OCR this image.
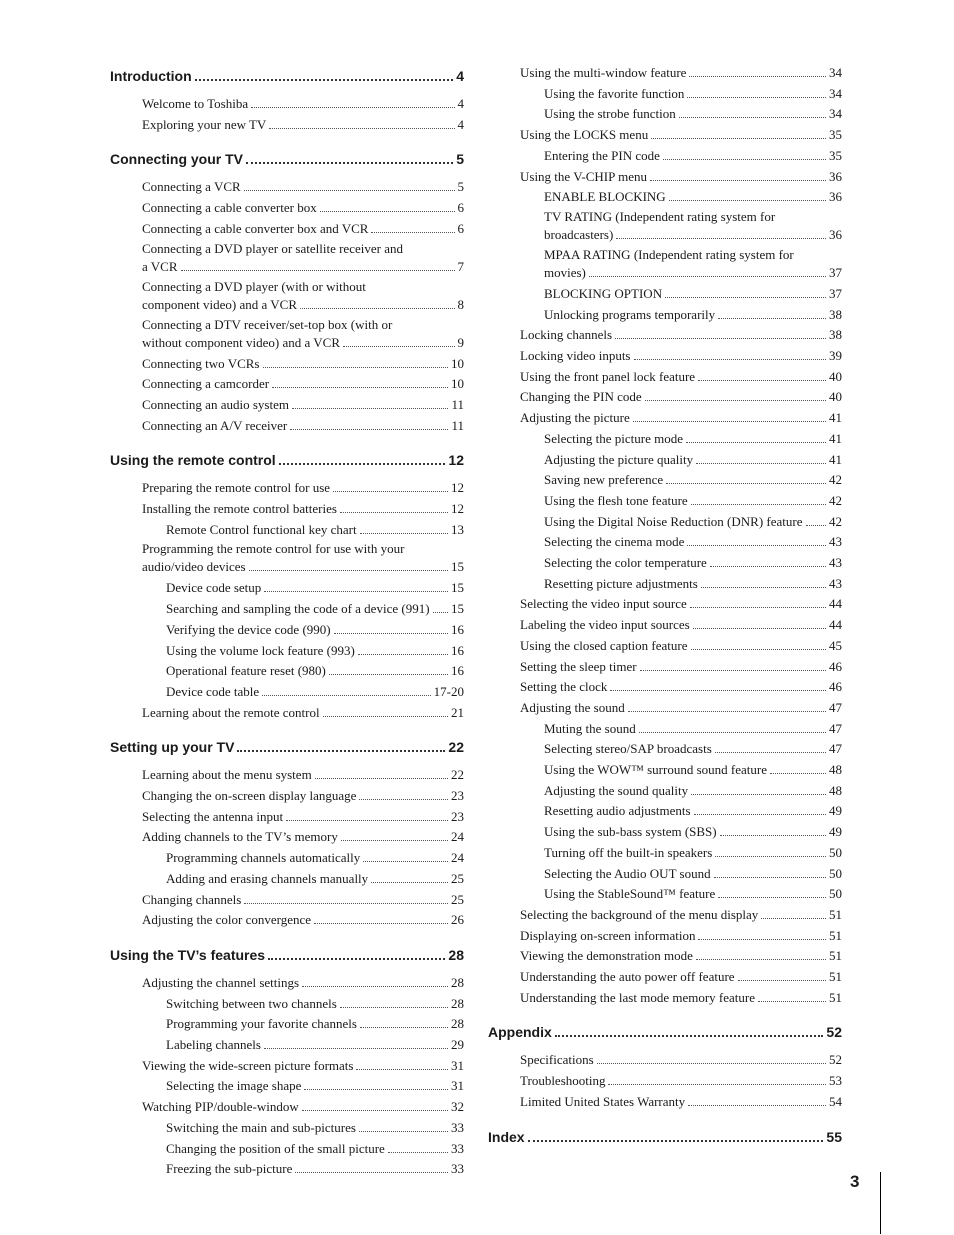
Introduction	4
Welcome to Toshiba	4
Exploring your new TV	4
Connecting your TV	5
Connecting a VCR	5
Connecting a cable converter box	6
Connecting a cable converter box and VCR	6
Connecting a DVD player or satellite receiver and
a VCR	7
Connecting a DVD player (with or without
component video) and a VCR	8
Connecting a DTV receiver/set-top box (with or
without component video) and a VCR	9
Connecting two VCRs	10
Connecting a camcorder	10
Connecting an audio system	11
Connecting an A/V receiver	11
Using the remote control	12
Preparing the remote control for use	12
Installing the remote control batteries	12
Remote Control functional key chart	13
Programming the remote control for use with your
audio/video devices	15
Device code setup	15
Searching and sampling the code of a device (991) 15
Verifying the device code (990)	16
Using the volume lock feature (993)	16
Operational feature reset (980)	16
Device code table	17-20
Learning about the remote control	21
Setting up your TV	22
Learning about the menu system	22
Changing the on-screen display language	23
Selecting the antenna input	23
Adding channels to the TV’s memory	24
Programming channels automatically	24
Adding and erasing channels manually	25
Changing channels	25
Adjusting the color convergence	26
Using the TV’s features	28
Adjusting the channel settings	28
Switching between two channels	28
Programming your favorite channels	28
Labeling channels	29
Viewing the wide-screen picture formats	31
Selecting the image shape	31
Watching PIP/double-window	32
Switching the main and sub-pictures	33
Changing the position of the small picture	33
Freezing the sub-picture	33
Using the multi-window feature	34
Using the favorite function	34
Using the strobe function	34
Using the LOCKS menu	35
Entering the PIN code	35
Using the V-CHIP menu	36
ENABLE BLOCKING	36
TV RATING (Independent rating system for
broadcasters)	36
MPAA RATING (Independent rating system for
movies)	37
BLOCKING OPTION	37
Unlocking programs temporarily	38
Locking channels	38
Locking video inputs	39
Using the front panel lock feature	40
Changing the PIN code	40
Adjusting the picture	41
Selecting the picture mode	41
Adjusting the picture quality	41
Saving new preference	42
Using the flesh tone feature	42
Using the Digital Noise Reduction (DNR) feature 42
Selecting the cinema mode	43
Selecting the color temperature	43
Resetting picture adjustments	43
Selecting the video input source	44
Labeling the video input sources	44
Using the closed caption feature	45
Setting the sleep timer	46
Setting the clock	46
Adjusting the sound	47
Muting the sound	47
Selecting stereo/SAP broadcasts	47
Using the WOW™ surround sound feature	48
Adjusting the sound quality	48
Resetting audio adjustments	49
Using the sub-bass system (SBS)	49
Turning off the built-in speakers	50
Selecting the Audio OUT sound	50
Using the StableSound™ feature	50
Selecting the background of the menu display	51
Displaying on-screen information	51
Viewing the demonstration mode	51
Understanding the auto power off feature	51
Understanding the last mode memory feature	51
Appendix	52
Specifications	52
Troubleshooting	53
Limited United States Warranty	54
Index	55
3
